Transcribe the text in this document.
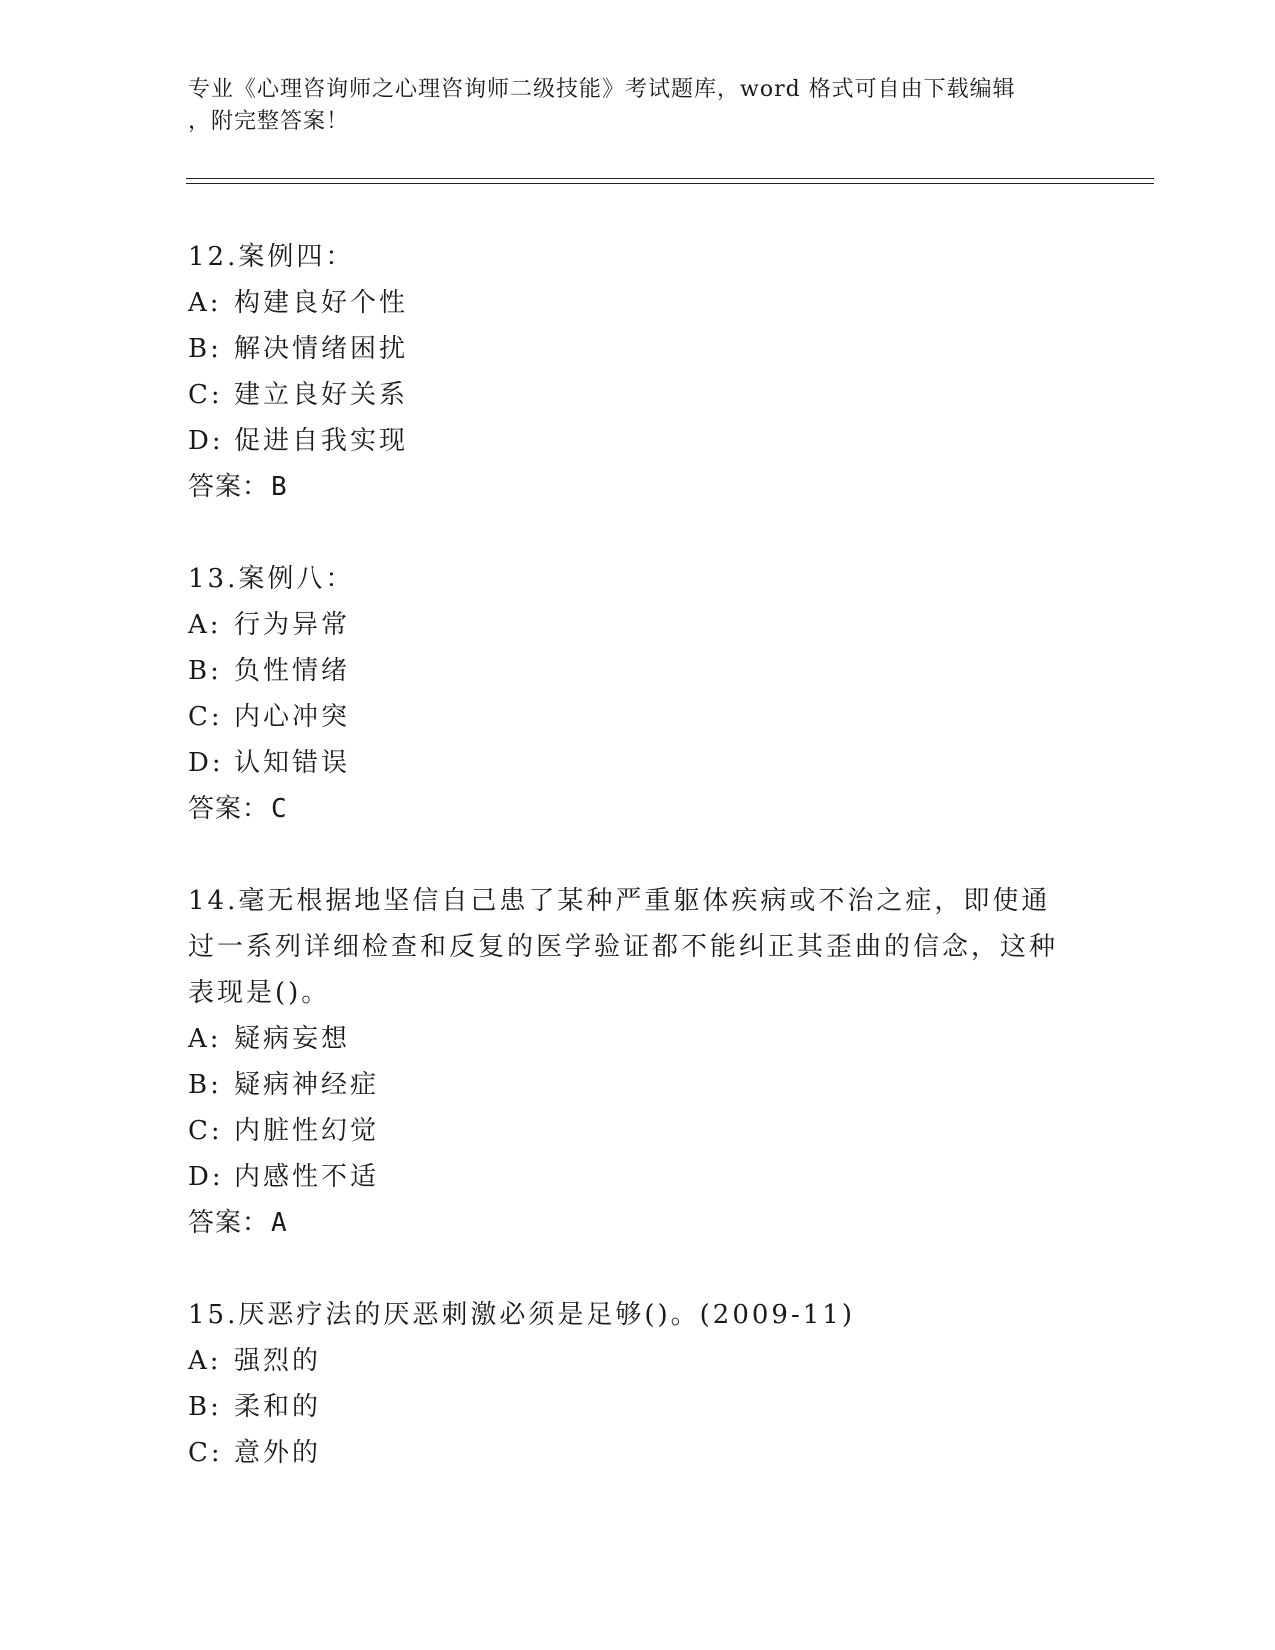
专业《心理咨询师之心理咨询师二级技能》考试题库，word 格式可自由下载编辑
，附完整答案！
12.案例四：
A: 构建良好个性
B: 解决情绪困扰
C: 建立良好关系
D: 促进自我实现
答案：B
13.案例八：
A: 行为异常
B: 负性情绪
C: 内心冲突
D: 认知错误
答案：C
14.毫无根据地坚信自己患了某种严重躯体疾病或不治之症，即使通过一系列详细检查和反复的医学验证都不能纠正其歪曲的信念，这种表现是()。
A: 疑病妄想
B: 疑病神经症
C: 内脏性幻觉
D: 内感性不适
答案：A
15.厌恶疗法的厌恶刺激必须是足够()。(2009-11)
A: 强烈的
B: 柔和的
C: 意外的
